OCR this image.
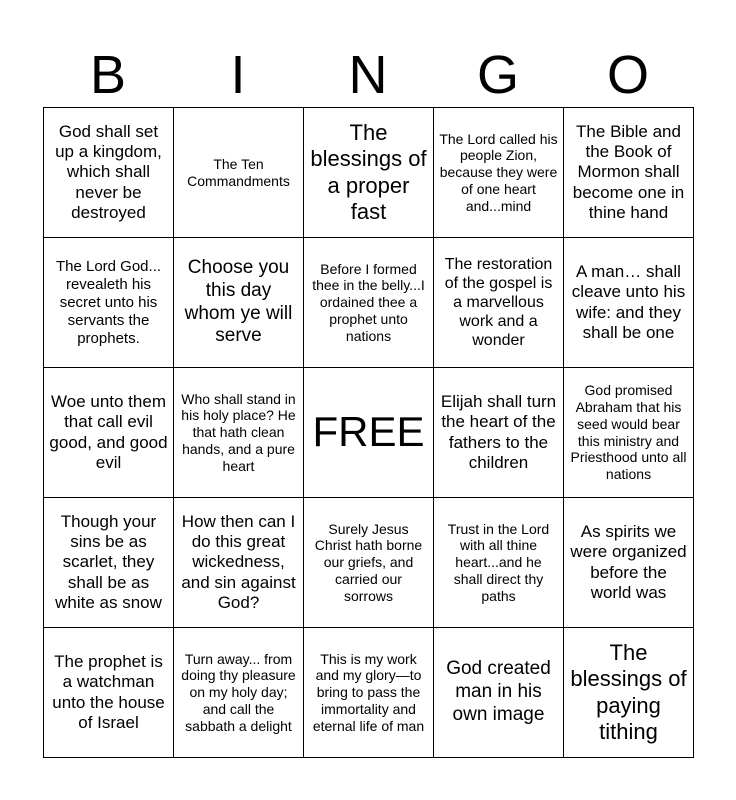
B	I	N	G	O
God shall set up a kingdom, which shall never be destroyed	The Ten Commandments	The blessings of a proper fast	The Lord called his people Zion, because they were of one heart and...mind	The Bible and the Book of Mormon shall become one in thine hand
The Lord God... revealeth his secret unto his servants the prophets.	Choose you this day whom ye will serve	Before I formed thee in the belly...I ordained thee a prophet unto nations	The restoration of the gospel is a marvellous work and a wonder	A man… shall cleave unto his wife: and they shall be one
Woe unto them that call evil good, and good evil	Who shall stand in his holy place? He that hath clean hands, and a pure heart	FREE	Elijah shall turn the heart of the fathers to the children	God promised Abraham that his seed would bear this ministry and Priesthood unto all nations
Though your sins be as scarlet, they shall be as white as snow	How then can I do this great wickedness, and sin against God?	Surely Jesus Christ hath borne our griefs, and carried our sorrows	Trust in the Lord with all thine heart...and he shall direct thy paths	As spirits we were organized before the world was
The prophet is a watchman unto the house of Israel	Turn away... from doing thy pleasure on my holy day; and call the sabbath a delight	This is my work and my glory—to bring to pass the immortality and eternal life of man	God created man in his own image	The blessings of paying tithing
